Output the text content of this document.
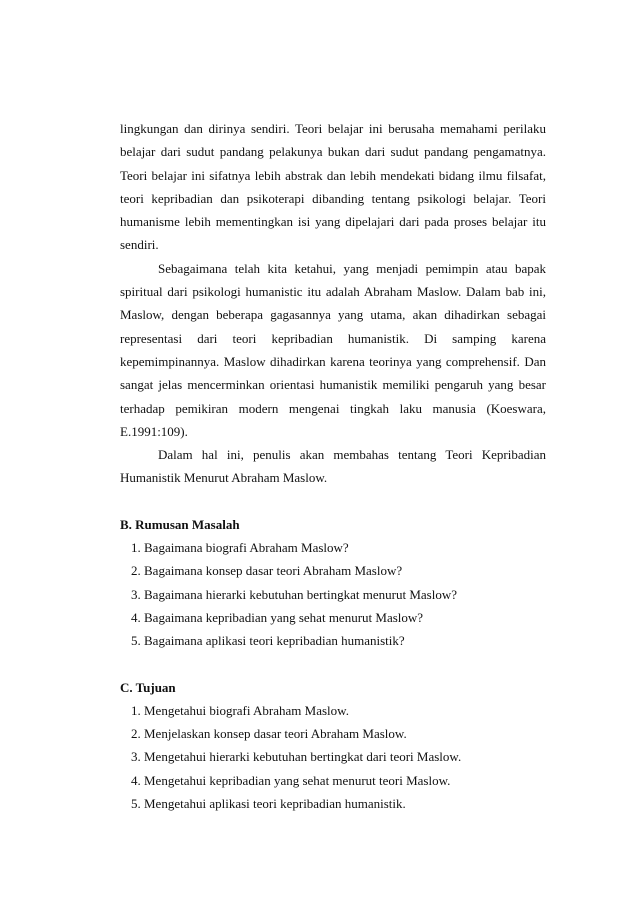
lingkungan dan dirinya sendiri. Teori belajar ini berusaha memahami perilaku
belajar dari sudut pandang pelakunya bukan dari sudut pandang pengamatnya.
Teori belajar ini sifatnya lebih abstrak dan lebih mendekati bidang ilmu filsafat,
teori kepribadian dan psikoterapi dibanding tentang psikologi belajar. Teori
humanisme lebih mementingkan isi yang dipelajari dari pada proses belajar itu
sendiri.
Sebagaimana telah kita ketahui, yang menjadi pemimpin atau bapak
spiritual dari psikologi humanistic itu adalah Abraham Maslow. Dalam bab ini,
Maslow, dengan beberapa gagasannya yang utama, akan dihadirkan sebagai
representasi dari teori kepribadian humanistik. Di samping karena
kepemimpinannya. Maslow dihadirkan karena teorinya yang comprehensif. Dan
sangat jelas mencerminkan orientasi humanistik memiliki pengaruh yang besar
terhadap pemikiran modern mengenai tingkah laku manusia (Koeswara,
E.1991:109).
Dalam hal ini, penulis akan membahas tentang Teori Kepribadian
Humanistik Menurut Abraham Maslow.

B. Rumusan Masalah

1. Bagaimana biografi Abraham Maslow?
2. Bagaimana konsep dasar teori Abraham Maslow?
3. Bagaimana hierarki kebutuhan bertingkat menurut Maslow?
4. Bagaimana kepribadian yang sehat menurut Maslow?
5. Bagaimana aplikasi teori kepribadian humanistik?

C. Tujuan

1. Mengetahui biografi Abraham Maslow.
2. Menjelaskan konsep dasar teori Abraham Maslow.
3. Mengetahui hierarki kebutuhan bertingkat dari teori Maslow.
4. Mengetahui kepribadian yang sehat menurut teori Maslow.
5. Mengetahui aplikasi teori kepribadian humanistik.
